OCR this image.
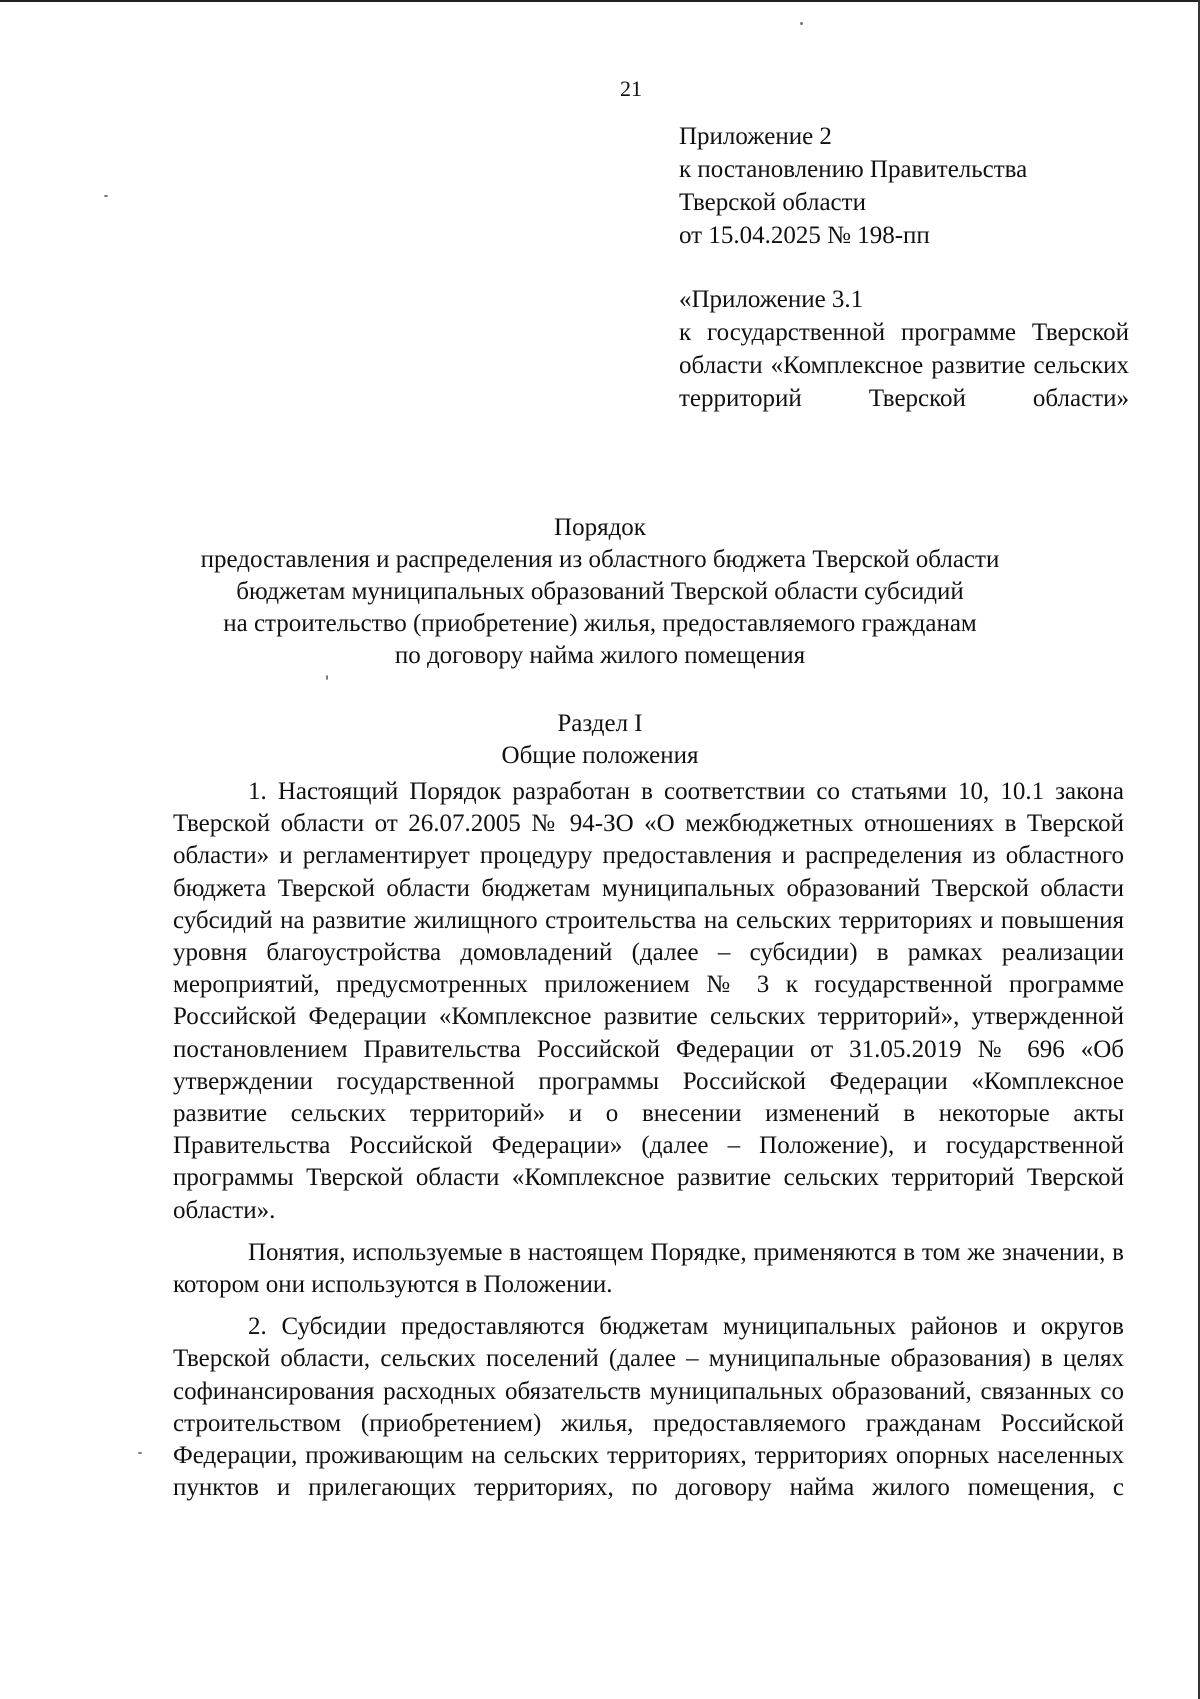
21
Приложение 2
к постановлению Правительства
Тверской области
от 15.04.2025 № 198-пп
«Приложение 3.1
к государственной программе Тверской области «Комплексное развитие сельских территорий Тверской области»
Порядок
предоставления и распределения из областного бюджета Тверской области
бюджетам муниципальных образований Тверской области субсидий
на строительство (приобретение) жилья, предоставляемого гражданам
по договору найма жилого помещения
Раздел I
Общие положения

1. Настоящий Порядок разработан в соответствии со статьями 10, 10.1 закона Тверской области от 26.07.2005 № 94-ЗО «О межбюджетных отношениях в Тверской области» и регламентирует процедуру предоставления и распределения из областного бюджета Тверской области бюджетам муниципальных образований Тверской области субсидий на развитие жилищного строительства на сельских территориях и повышения уровня благоустройства домовладений (далее – субсидии) в рамках реализации мероприятий, предусмотренных приложением № 3 к государственной программе Российской Федерации «Комплексное развитие сельских территорий», утвержденной постановлением Правительства Российской Федерации от 31.05.2019 № 696 «Об утверждении государственной программы Российской Федерации «Комплексное развитие сельских территорий» и о внесении изменений в некоторые акты Правительства Российской Федерации» (далее – Положение), и государственной программы Тверской области «Комплексное развитие сельских территорий Тверской области».

Понятия, используемые в настоящем Порядке, применяются в том же значении, в котором они используются в Положении.

2. Субсидии предоставляются бюджетам муниципальных районов и округов Тверской области, сельских поселений (далее – муниципальные образования) в целях софинансирования расходных обязательств муниципальных образований, связанных со строительством (приобретением) жилья, предоставляемого гражданам Российской Федерации, проживающим на сельских территориях, территориях опорных населенных пунктов и прилегающих территориях, по договору найма жилого помещения, с
